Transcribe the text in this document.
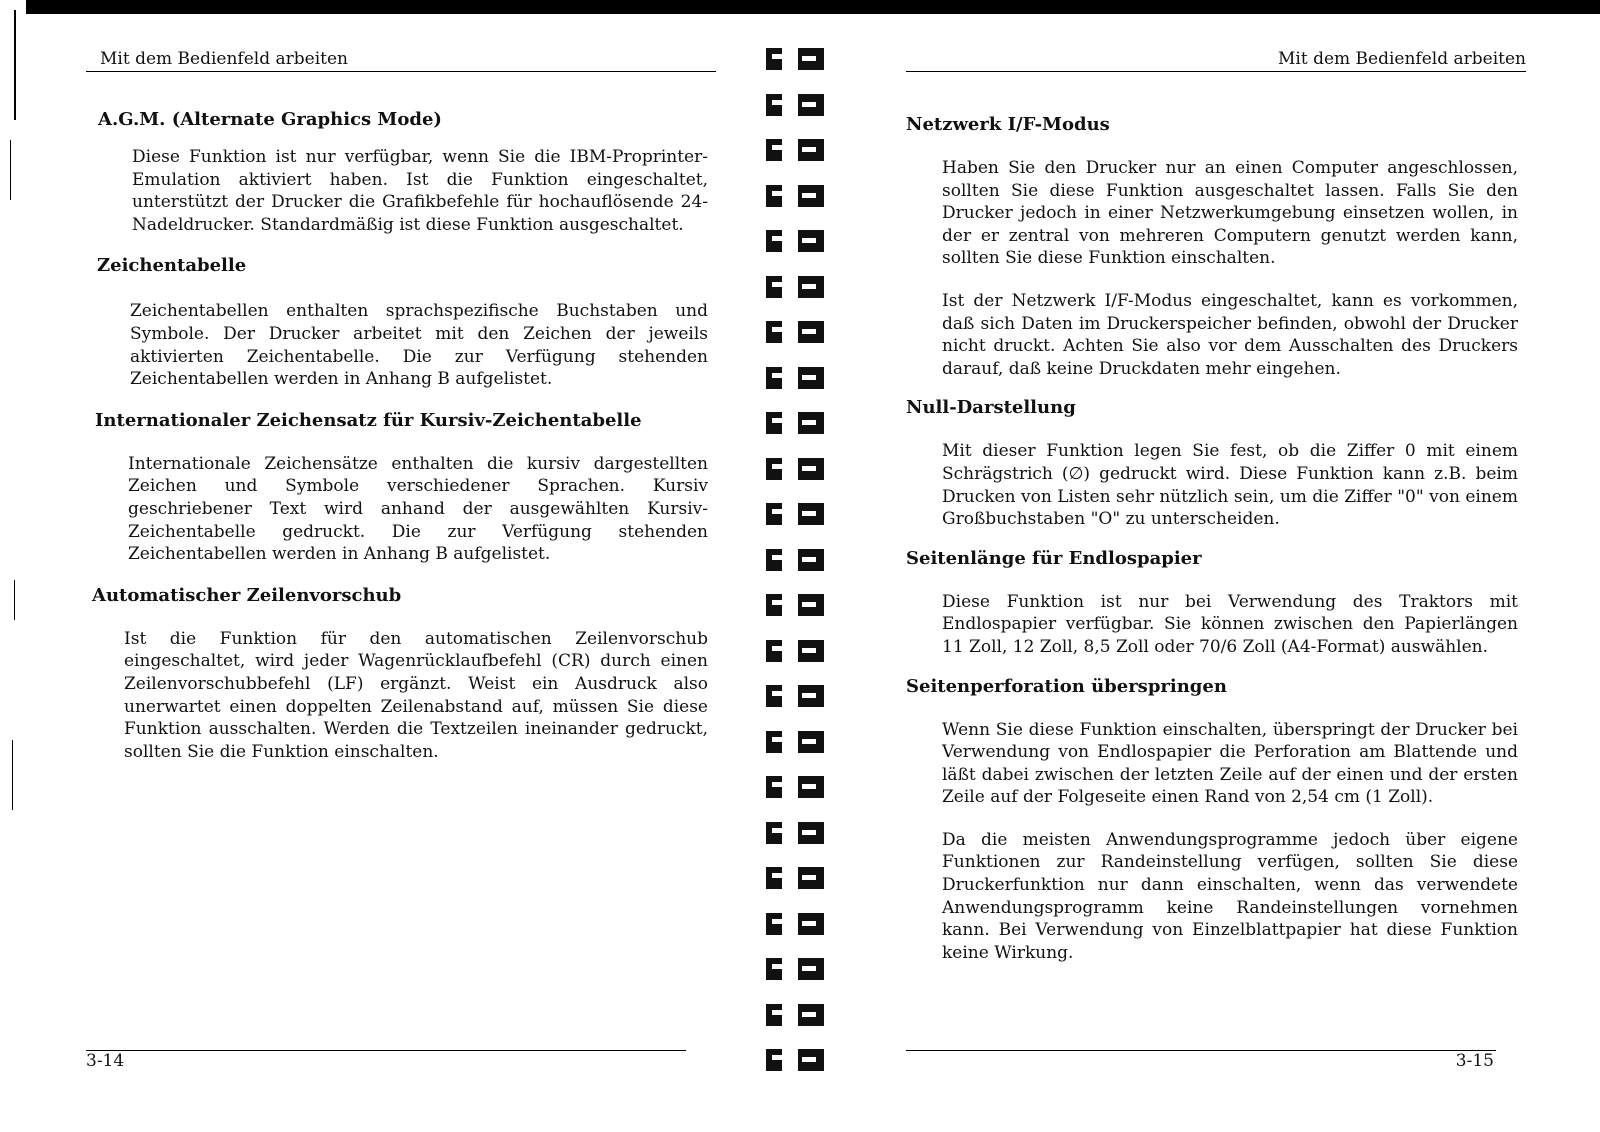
Mit dem Bedienfeld arbeiten
A.G.M. (Alternate Graphics Mode)

Diese Funktion ist nur verfügbar, wenn Sie die IBM-Proprinter-Emulation aktiviert haben. Ist die Funktion eingeschaltet, unterstützt der Drucker die Grafikbefehle für hochauflösende 24-Nadeldrucker. Standardmäßig ist diese Funktion ausgeschaltet.

Zeichentabelle

Zeichentabellen enthalten sprachspezifische Buchstaben und Symbole. Der Drucker arbeitet mit den Zeichen der jeweils aktivierten Zeichentabelle. Die zur Verfügung stehenden Zeichentabellen werden in Anhang B aufgelistet.

Internationaler Zeichensatz für Kursiv-Zeichentabelle

Internationale Zeichensätze enthalten die kursiv dargestellten Zeichen und Symbole verschiedener Sprachen. Kursiv geschriebener Text wird anhand der ausgewählten Kursiv-Zeichentabelle gedruckt. Die zur Verfügung stehenden Zeichentabellen werden in Anhang B aufgelistet.

Automatischer Zeilenvorschub

Ist die Funktion für den automatischen Zeilenvorschub eingeschaltet, wird jeder Wagenrücklaufbefehl (CR) durch einen Zeilenvorschubbefehl (LF) ergänzt. Weist ein Ausdruck also unerwartet einen doppelten Zeilenabstand auf, müssen Sie diese Funktion ausschalten. Werden die Textzeilen ineinander gedruckt, sollten Sie die Funktion einschalten.

3-14
Mit dem Bedienfeld arbeiten
Netzwerk I/F-Modus

Haben Sie den Drucker nur an einen Computer angeschlossen, sollten Sie diese Funktion ausgeschaltet lassen. Falls Sie den Drucker jedoch in einer Netzwerkumgebung einsetzen wollen, in der er zentral von mehreren Computern genutzt werden kann, sollten Sie diese Funktion einschalten.

Ist der Netzwerk I/F-Modus eingeschaltet, kann es vorkommen, daß sich Daten im Druckerspeicher befinden, obwohl der Drucker nicht druckt. Achten Sie also vor dem Ausschalten des Druckers darauf, daß keine Druckdaten mehr eingehen.

Null-Darstellung

Mit dieser Funktion legen Sie fest, ob die Ziffer 0 mit einem Schrägstrich (∅) gedruckt wird. Diese Funktion kann z.B. beim Drucken von Listen sehr nützlich sein, um die Ziffer "0" von einem Großbuchstaben "O" zu unterscheiden.

Seitenlänge für Endlospapier

Diese Funktion ist nur bei Verwendung des Traktors mit Endlospapier verfügbar. Sie können zwischen den Papierlängen 11 Zoll, 12 Zoll, 8,5 Zoll oder 70/6 Zoll (A4-Format) auswählen.

Seitenperforation überspringen

Wenn Sie diese Funktion einschalten, überspringt der Drucker bei Verwendung von Endlospapier die Perforation am Blattende und läßt dabei zwischen der letzten Zeile auf der einen und der ersten Zeile auf der Folgeseite einen Rand von 2,54 cm (1 Zoll).

Da die meisten Anwendungsprogramme jedoch über eigene Funktionen zur Randeinstellung verfügen, sollten Sie diese Druckerfunktion nur dann einschalten, wenn das verwendete Anwendungsprogramm keine Randeinstellungen vornehmen kann. Bei Verwendung von Einzelblattpapier hat diese Funktion keine Wirkung.

3-15
